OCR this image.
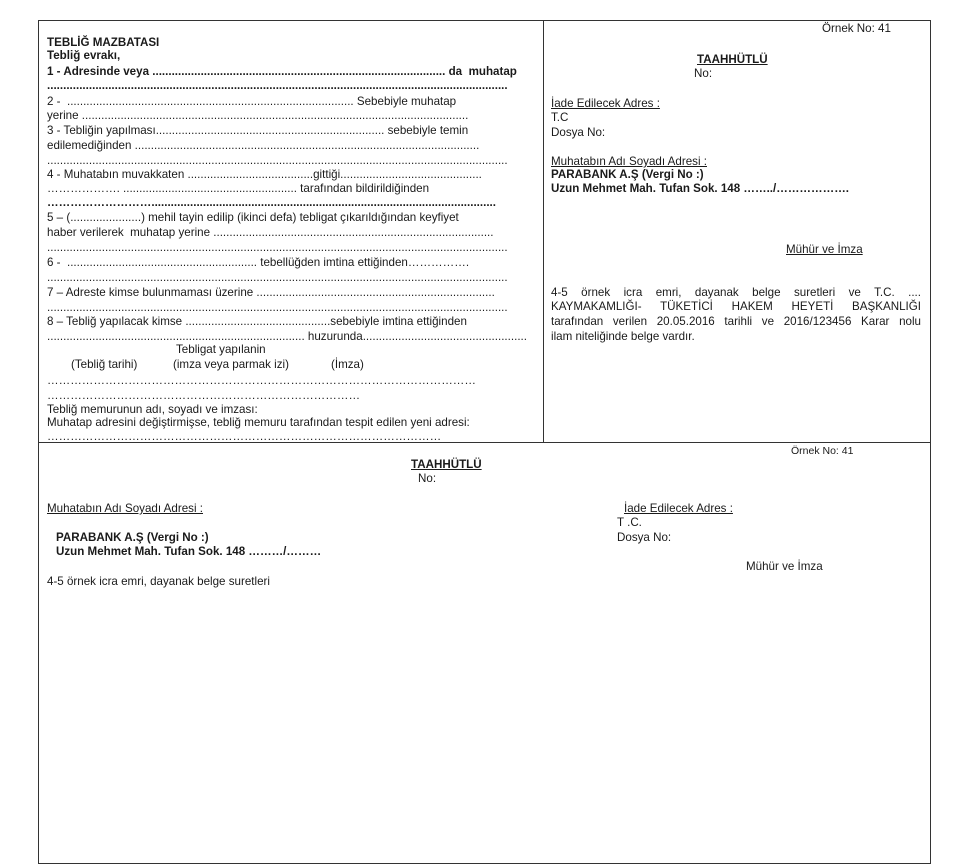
Örnek No: 41
TEBLİĞ MAZBATASI
Tebliğ evrakı,
1 - Adresinde veya ........................................................................................... da  muhatap
...............................................................................................................................................
2 -  ......................................................................................... Sebebiyle muhatap
yerine ........................................................................................................................
3 - Tebliğin yapılması....................................................................... sebebiyle temin
edilemediğinden ...........................................................................................................
...............................................................................................................................................
4 - Muhatabın muvakkaten .......................................gittiği............................................
………………. ...................................................... tarafından bildirildiğinden
………………………...........................................................................................................
5 – (......................) mehil tayin edilip (ikinci defa) tebligat çıkarıldığından keyfiyet
haber verilerek  muhatap yerine .......................................................................................
...............................................................................................................................................
6 -  ........................................................... tebellüğden imtina ettiğinden…………….
...............................................................................................................................................
7 – Adreste kimse bulunmaması üzerine ..........................................................................
...............................................................................................................................................
8 – Tebliğ yapılacak kimse .............................................sebebiyle imtina ettiğinden
................................................................................ huzurunda...................................................
Tebligat yapılanin
(Tebliğ tarihi)	(imza veya parmak izi)	(İmza)
…………………………………………………………………………………………………
………………………………………………………………………
Tebliğ memurunun adı, soyadı ve imzası:
Muhatap adresini değiştirmişse, tebliğ memuru tarafından tespit edilen yeni adresi:
…………………………………………………………………………………………
TAAHHÜTLÜ
No:
İade Edilecek Adres :
T.C
Dosya No:
Muhatabın Adı Soyadı Adresi :
PARABANK A.Ş (Vergi No :)
Uzun Mehmet Mah. Tufan Sok. 148 ……../……………….
Mühür ve İmza
4-5 örnek icra emri, dayanak belge suretleri ve T.C. ....
KAYMAKAMLIĞI- TÜKETİCİ HAKEM HEYETİ BAŞKANLIĞI
tarafından verilen 20.05.2016 tarihli ve 2016/123456 Karar nolu
ilam niteliğinde belge vardır.
Örnek No: 41
TAAHHÜTLÜ
No:
Muhatabın Adı Soyadı Adresi :
PARABANK A.Ş (Vergi No :)
Uzun Mehmet Mah. Tufan Sok. 148 ………/………
İade Edilecek Adres :
T .C.
Dosya No:
Mühür ve İmza
4-5 örnek icra emri, dayanak belge suretleri
